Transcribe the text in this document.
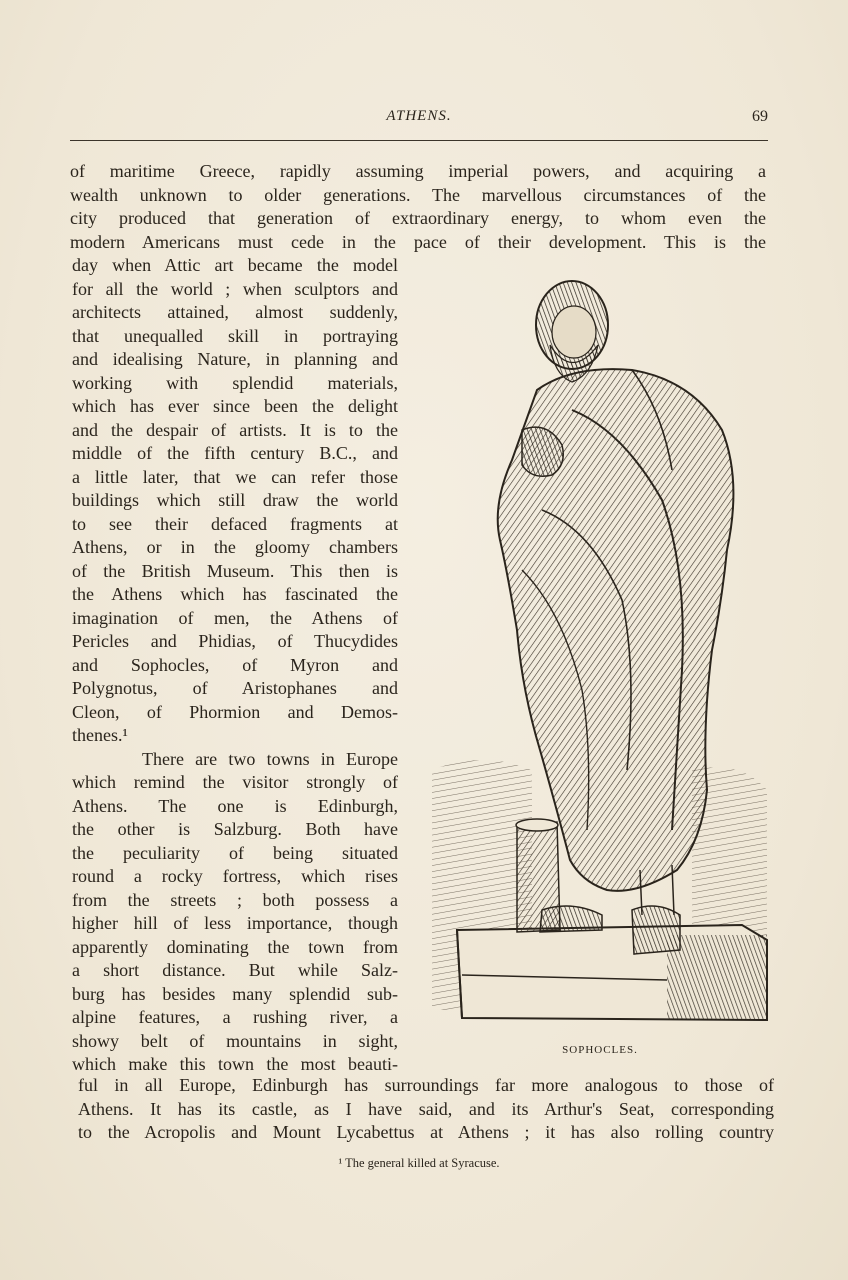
ATHENS.	69
of maritime Greece, rapidly assuming imperial powers, and acquiring a
wealth unknown to older generations. The marvellous circumstances of the
city produced that generation of extraordinary energy, to whom even the
modern Americans must cede in the pace of their development. This is the
day when Attic art became the model
for all the world ; when sculptors and
architects attained, almost suddenly,
that unequalled skill in portraying
and idealising Nature, in planning and
working with splendid materials,
which has ever since been the delight
and the despair of artists. It is to the
middle of the fifth century B.C., and
a little later, that we can refer those
buildings which still draw the world
to see their defaced fragments at
Athens, or in the gloomy chambers
of the British Museum. This then is
the Athens which has fascinated the
imagination of men, the Athens of
Pericles and Phidias, of Thucydides
and Sophocles, of Myron and
Polygnotus, of Aristophanes and
Cleon, of Phormion and Demos-
thenes.¹
There are two towns in Europe
which remind the visitor strongly of
Athens. The one is Edinburgh,
the other is Salzburg. Both have
the peculiarity of being situated
round a rocky fortress, which rises
from the streets ; both possess a
higher hill of less importance, though
apparently dominating the town from
a short distance. But while Salz-
burg has besides many splendid sub-
alpine features, a rushing river, a
showy belt of mountains in sight,
which make this town the most beauti-
SOPHOCLES.
ful in all Europe, Edinburgh has surroundings far more analogous to those of
Athens. It has its castle, as I have said, and its Arthur's Seat, corresponding
to the Acropolis and Mount Lycabettus at Athens ; it has also rolling country
¹ The general killed at Syracuse.
